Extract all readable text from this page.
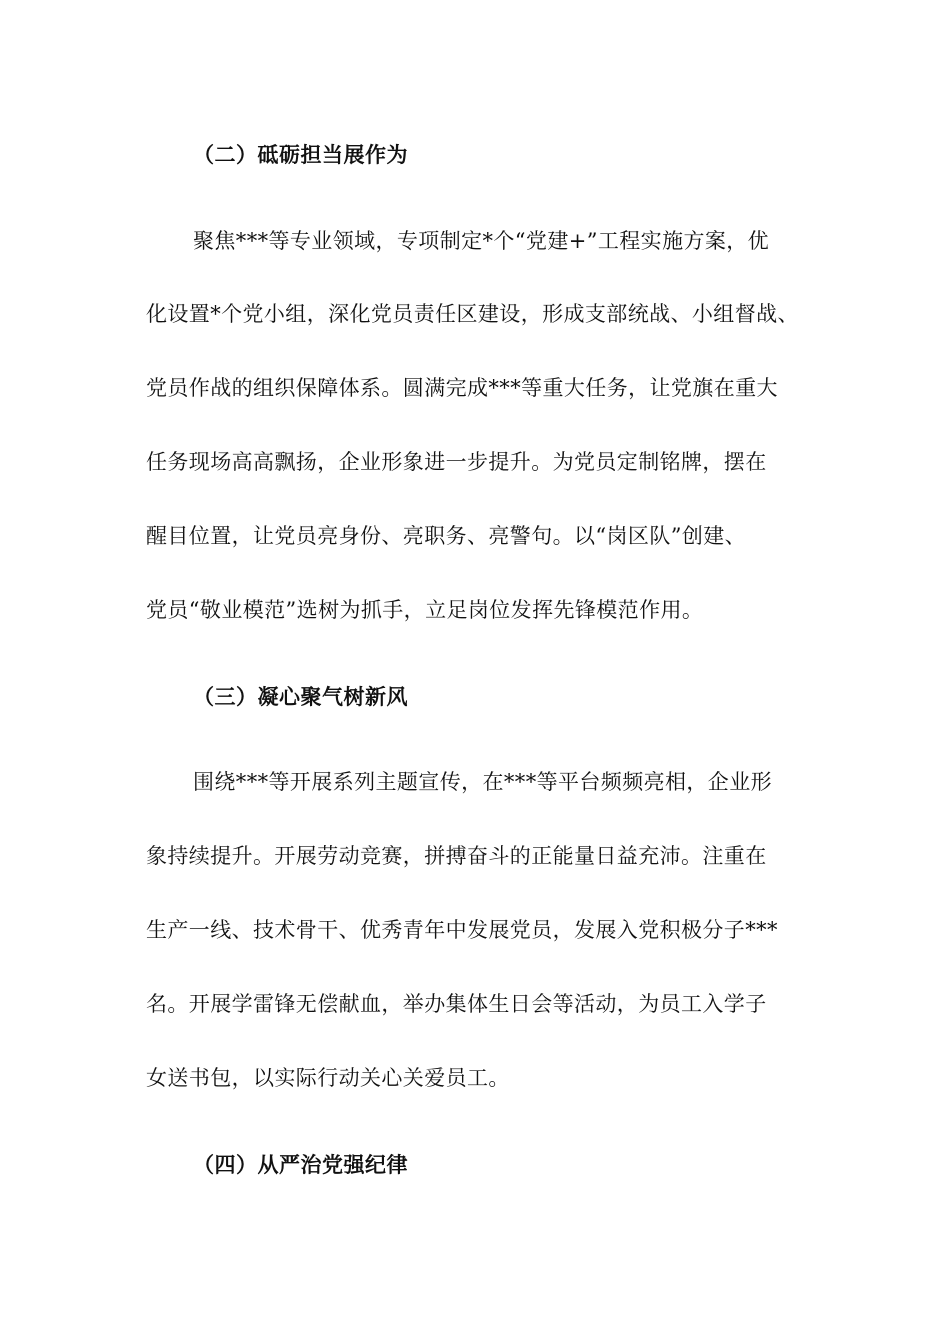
（二）砥砺担当展作为
聚焦***等专业领域，专项制定*个“党建+”工程实施方案，优
化设置*个党小组，深化党员责任区建设，形成支部统战、小组督战、
党员作战的组织保障体系。圆满完成***等重大任务，让党旗在重大
任务现场高高飘扬，企业形象进一步提升。为党员定制铭牌，摆在
醒目位置，让党员亮身份、亮职务、亮警句。以“岗区队”创建、
党员“敬业模范”选树为抓手，立足岗位发挥先锋模范作用。
（三）凝心聚气树新风
围绕***等开展系列主题宣传，在***等平台频频亮相，企业形
象持续提升。开展劳动竞赛，拼搏奋斗的正能量日益充沛。注重在
生产一线、技术骨干、优秀青年中发展党员，发展入党积极分子***
名。开展学雷锋无偿献血，举办集体生日会等活动，为员工入学子
女送书包，以实际行动关心关爱员工。
（四）从严治党强纪律
